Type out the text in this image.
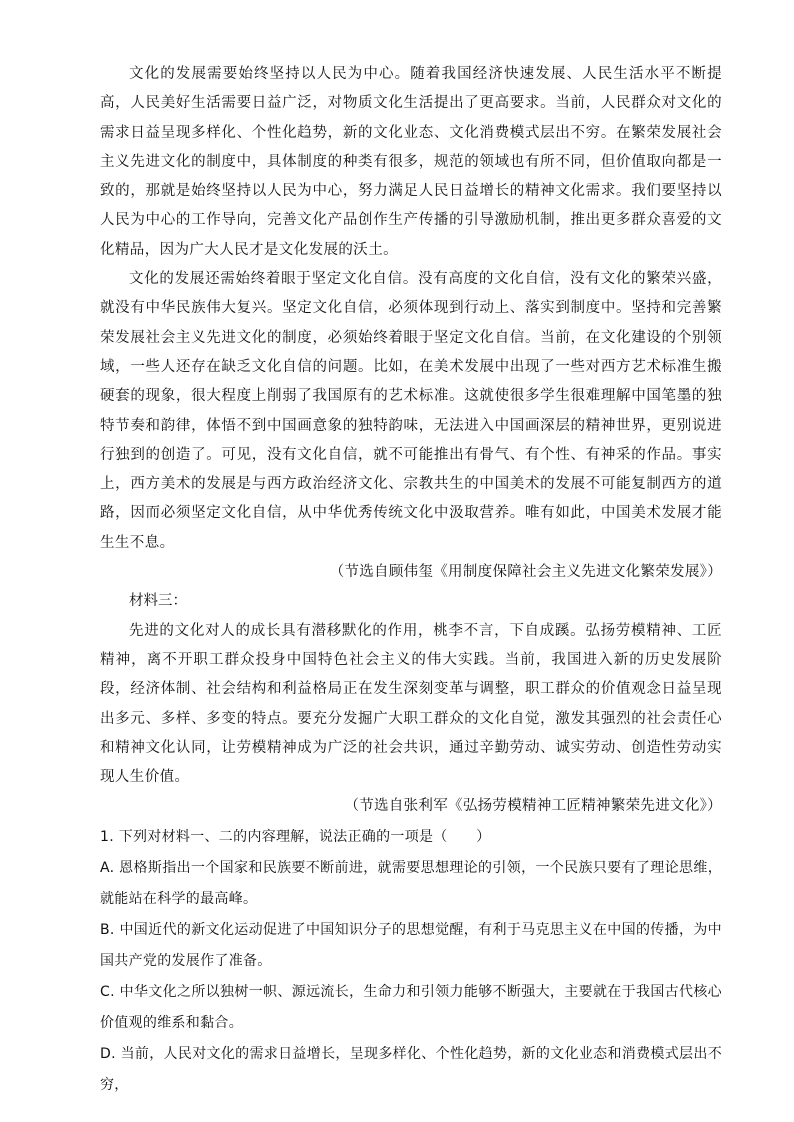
文化的发展需要始终坚持以人民为中心。随着我国经济快速发展、人民生活水平不断提高，人民美好生活需要日益广泛，对物质文化生活提出了更高要求。当前，人民群众对文化的需求日益呈现多样化、个性化趋势，新的文化业态、文化消费模式层出不穷。在繁荣发展社会主义先进文化的制度中，具体制度的种类有很多，规范的领域也有所不同，但价值取向都是一致的，那就是始终坚持以人民为中心，努力满足人民日益增长的精神文化需求。我们要坚持以人民为中心的工作导向，完善文化产品创作生产传播的引导激励机制，推出更多群众喜爱的文化精品，因为广大人民才是文化发展的沃土。

文化的发展还需始终着眼于坚定文化自信。没有高度的文化自信，没有文化的繁荣兴盛，就没有中华民族伟大复兴。坚定文化自信，必须体现到行动上、落实到制度中。坚持和完善繁荣发展社会主义先进文化的制度，必须始终着眼于坚定文化自信。当前，在文化建设的个别领域，一些人还存在缺乏文化自信的问题。比如，在美术发展中出现了一些对西方艺术标准生搬硬套的现象，很大程度上削弱了我国原有的艺术标准。这就使很多学生很难理解中国笔墨的独特节奏和韵律，体悟不到中国画意象的独特韵味，无法进入中国画深层的精神世界，更别说进行独到的创造了。可见，没有文化自信，就不可能推出有骨气、有个性、有神采的作品。事实上，西方美术的发展是与西方政治经济文化、宗教共生的中国美术的发展不可能复制西方的道路，因而必须坚定文化自信，从中华优秀传统文化中汲取营养。唯有如此，中国美术发展才能生生不息。

（节选自顾伟玺《用制度保障社会主义先进文化繁荣发展》）

材料三：

先进的文化对人的成长具有潜移默化的作用，桃李不言，下自成蹊。弘扬劳模精神、工匠精神，离不开职工群众投身中国特色社会主义的伟大实践。当前，我国进入新的历史发展阶段，经济体制、社会结构和利益格局正在发生深刻变革与调整，职工群众的价值观念日益呈现出多元、多样、多变的特点。要充分发掘广大职工群众的文化自觉，激发其强烈的社会责任心和精神文化认同，让劳模精神成为广泛的社会共识，通过辛勤劳动、诚实劳动、创造性劳动实现人生价值。

（节选自张利军《弘扬劳模精神工匠精神繁荣先进文化》）

1. 下列对材料一、二的内容理解，说法正确的一项是（　　）

A. 恩格斯指出一个国家和民族要不断前进，就需要思想理论的引领，一个民族只要有了理论思维，就能站在科学的最高峰。

B. 中国近代的新文化运动促进了中国知识分子的思想觉醒，有利于马克思主义在中国的传播，为中国共产党的发展作了准备。

C. 中华文化之所以独树一帜、源远流长，生命力和引领力能够不断强大，主要就在于我国古代核心价值观的维系和黏合。

D. 当前，人民对文化的需求日益增长，呈现多样化、个性化趋势，新的文化业态和消费模式层出不穷，
